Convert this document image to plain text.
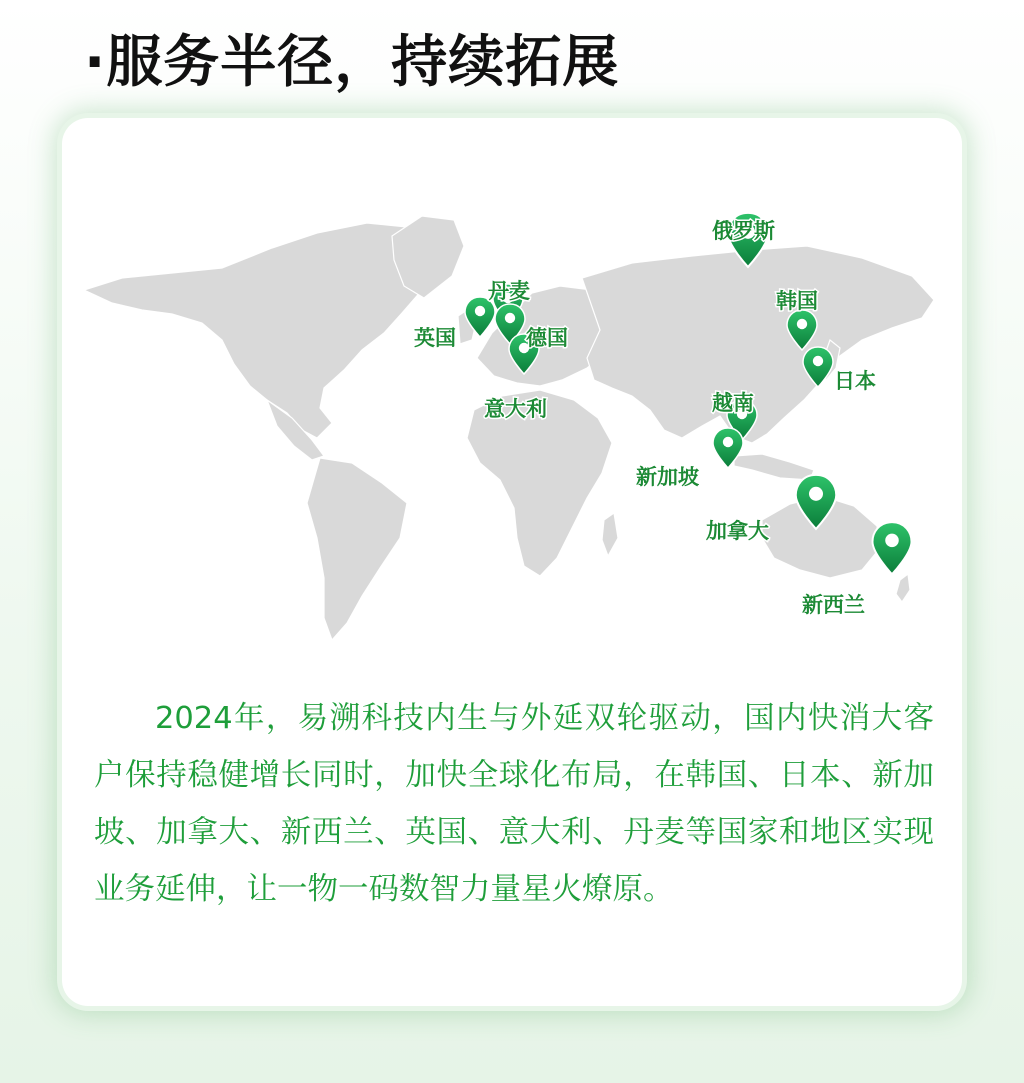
·服务半径，持续拓展
俄罗斯
韩国
日本
丹麦
英国	德国
意大利	越南
新加坡
加拿大
新西兰

2024年，易溯科技内生与外延双轮驱动，国内快消大客户保持稳健增长同时，加快全球化布局，在韩国、日本、新加坡、加拿大、新西兰、英国、意大利、丹麦等国家和地区实现业务延伸，让一物一码数智力量星火燎原。
